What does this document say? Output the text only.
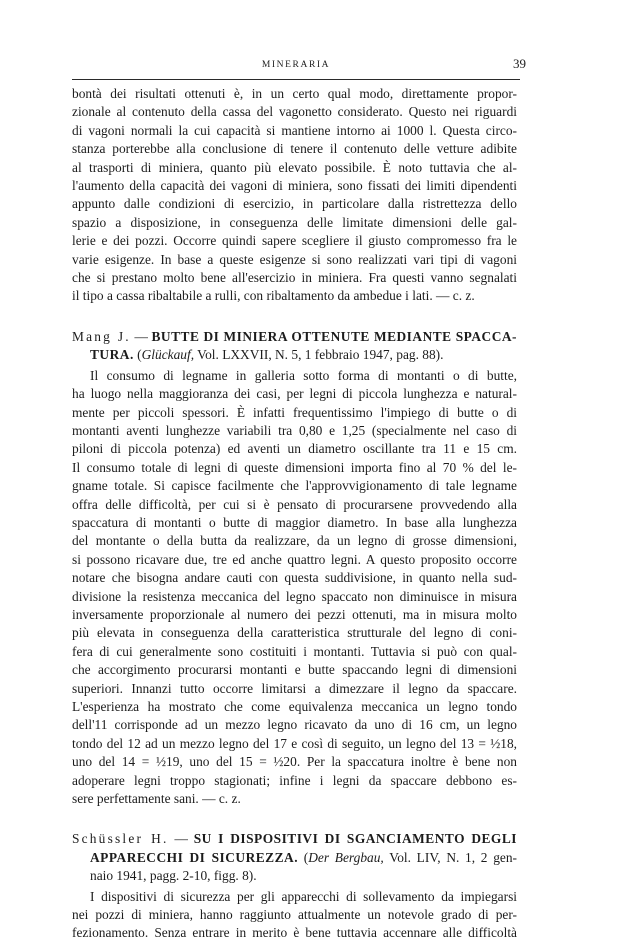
MINERARIA	39
bontà dei risultati ottenuti è, in un certo qual modo, direttamente propor-
zionale al contenuto della cassa del vagonetto considerato. Questo nei riguardi
di vagoni normali la cui capacità si mantiene intorno ai 1000 l. Questa circo-
stanza porterebbe alla conclusione di tenere il contenuto delle vetture adibite
al trasporti di miniera, quanto più elevato possibile. È noto tuttavia che al-
l'aumento della capacità dei vagoni di miniera, sono fissati dei limiti dipendenti
appunto dalle condizioni di esercizio, in particolare dalla ristrettezza dello
spazio a disposizione, in conseguenza delle limitate dimensioni delle gal-
lerie e dei pozzi. Occorre quindi sapere scegliere il giusto compromesso fra le
varie esigenze. In base a queste esigenze si sono realizzati vari tipi di vagoni
che si prestano molto bene all'esercizio in miniera. Fra questi vanno segnalati
il tipo a cassa ribaltabile a rulli, con ribaltamento da ambedue i lati. — c. z.
Mang J. — BUTTE DI MINIERA OTTENUTE MEDIANTE SPACCA-
TURA. (Glückauf, Vol. LXXVII, N. 5, 1 febbraio 1947, pag. 88).
Il consumo di legname in galleria sotto forma di montanti o di butte,
ha luogo nella maggioranza dei casi, per legni di piccola lunghezza e natural-
mente per piccoli spessori. È infatti frequentissimo l'impiego di butte o di
montanti aventi lunghezze variabili tra 0,80 e 1,25 (specialmente nel caso di
piloni di piccola potenza) ed aventi un diametro oscillante tra 11 e 15 cm.
Il consumo totale di legni di queste dimensioni importa fino al 70 % del le-
gname totale. Si capisce facilmente che l'approvvigionamento di tale legname
offra delle difficoltà, per cui si è pensato di procurarsene provvedendo alla
spaccatura di montanti o butte di maggior diametro. In base alla lunghezza
del montante o della butta da realizzare, da un legno di grosse dimensioni,
si possono ricavare due, tre ed anche quattro legni. A questo proposito occorre
notare che bisogna andare cauti con questa suddivisione, in quanto nella sud-
divisione la resistenza meccanica del legno spaccato non diminuisce in misura
inversamente proporzionale al numero dei pezzi ottenuti, ma in misura molto
più elevata in conseguenza della caratteristica strutturale del legno di coni-
fera di cui generalmente sono costituiti i montanti. Tuttavia si può con qual-
che accorgimento procurarsi montanti e butte spaccando legni di dimensioni
superiori. Innanzi tutto occorre limitarsi a dimezzare il legno da spaccare.
L'esperienza ha mostrato che come equivalenza meccanica un legno tondo
dell'11 corrisponde ad un mezzo legno ricavato da uno di 16 cm, un legno
tondo del 12 ad un mezzo legno del 17 e così di seguito, un legno del 13 = ½18,
uno del 14 = ½19, uno del 15 = ½20. Per la spaccatura inoltre è bene non
adoperare legni troppo stagionati; infine i legni da spaccare debbono es-
sere perfettamente sani. — c. z.
Schüssler H. — SU I DISPOSITIVI DI SGANCIAMENTO DEGLI
APPARECCHI DI SICUREZZA. (Der Bergbau, Vol. LIV, N. 1, 2 gen-
naio 1941, pagg. 2-10, figg. 8).
I dispositivi di sicurezza per gli apparecchi di sollevamento da impiegarsi
nei pozzi di miniera, hanno raggiunto attualmente un notevole grado di per-
fezionamento. Senza entrare in merito è bene tuttavia accennare alle difficoltà
